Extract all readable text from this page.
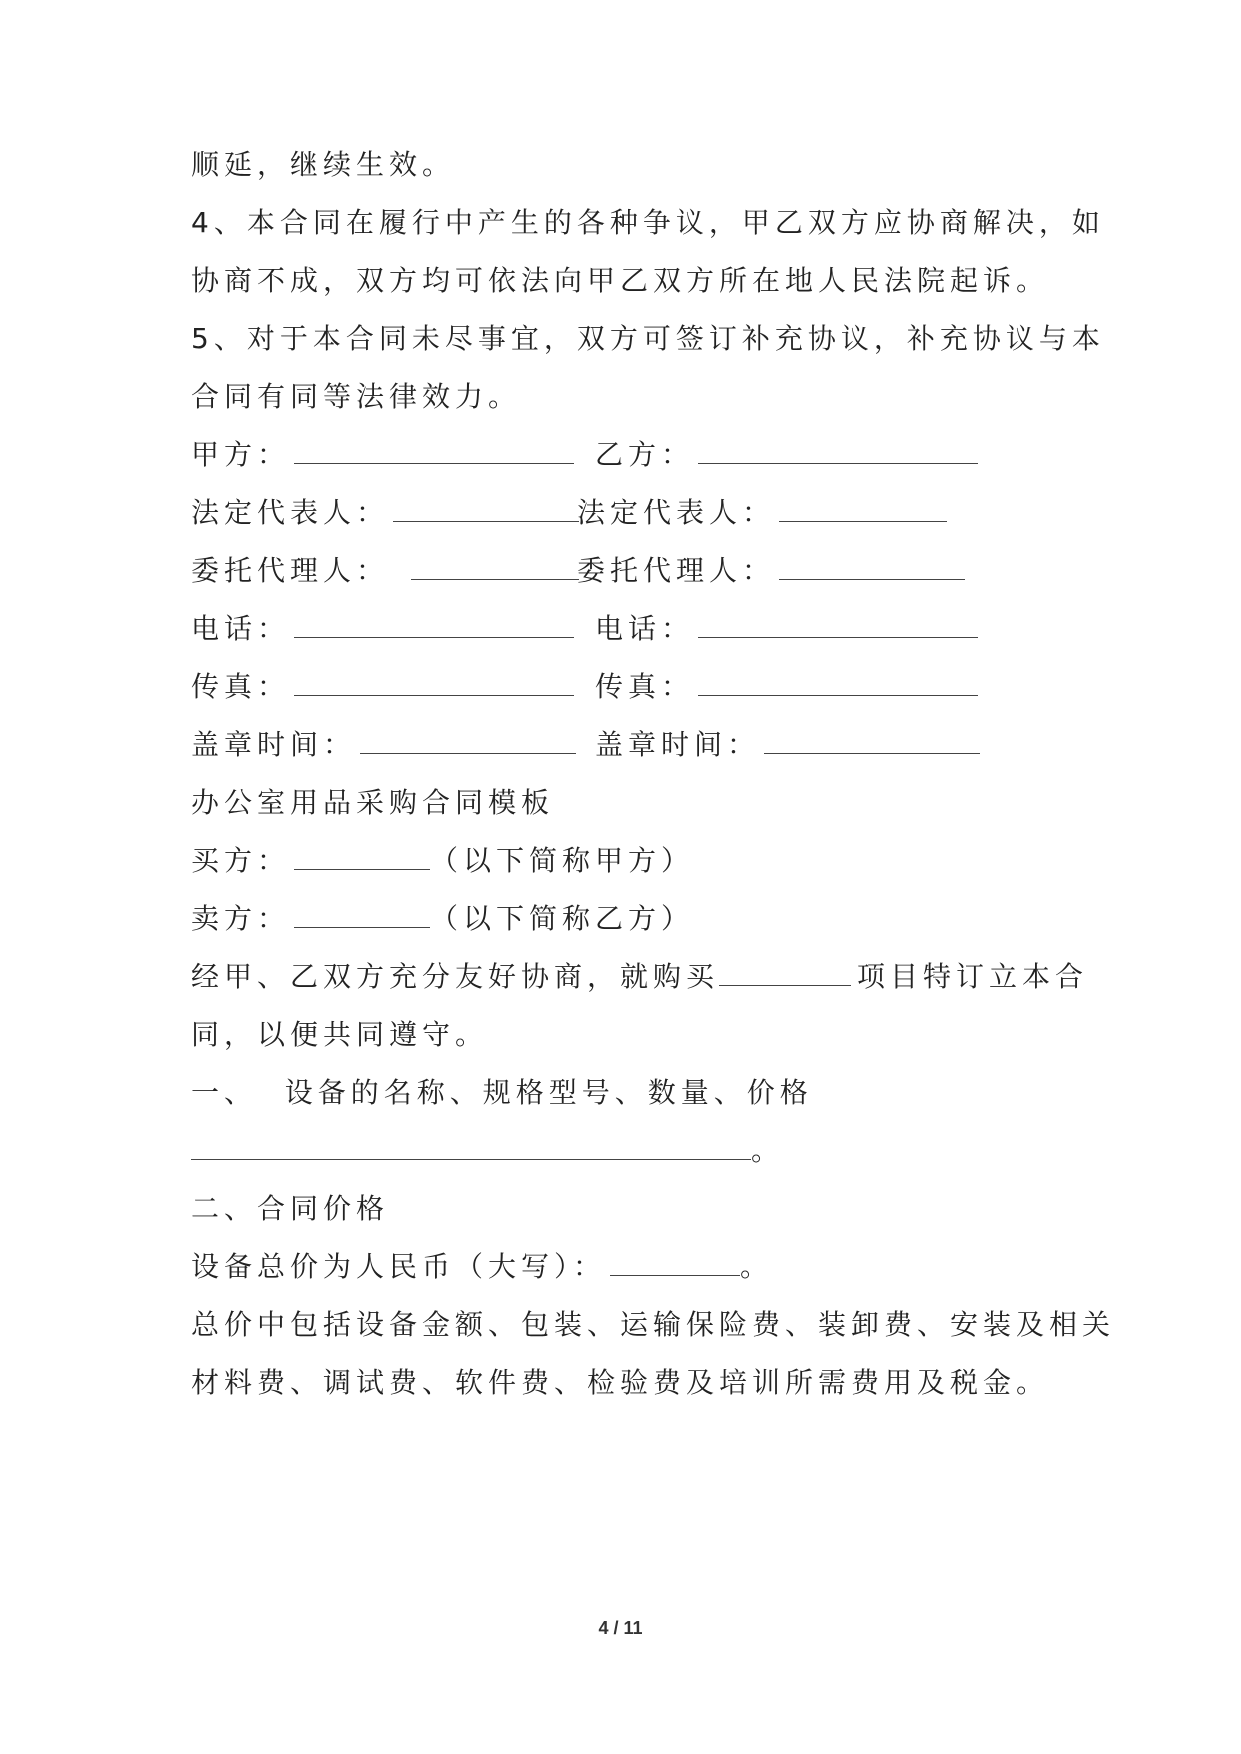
顺延，继续生效。
4、本合同在履行中产生的各种争议，甲乙双方应协商解决，如
协商不成，双方均可依法向甲乙双方所在地人民法院起诉。
5、对于本合同未尽事宜，双方可签订补充协议，补充协议与本
合同有同等法律效力。
甲方：	乙方：
法定代表人：	法定代表人：
委托代理人：	委托代理人：
电话：	电话：
传真：	传真：
盖章时间：	盖章时间：
办公室用品采购合同模板
买方：	（以下简称甲方）
卖方：	（以下简称乙方）
经甲、乙双方充分友好协商，就购买	项目特订立本合
同，以便共同遵守。
一、  设备的名称、规格型号、数量、价格
。
二、合同价格
设备总价为人民币（大写）：	。
总价中包括设备金额、包装、运输保险费、装卸费、安装及相关
材料费、调试费、软件费、检验费及培训所需费用及税金。
4 / 11
